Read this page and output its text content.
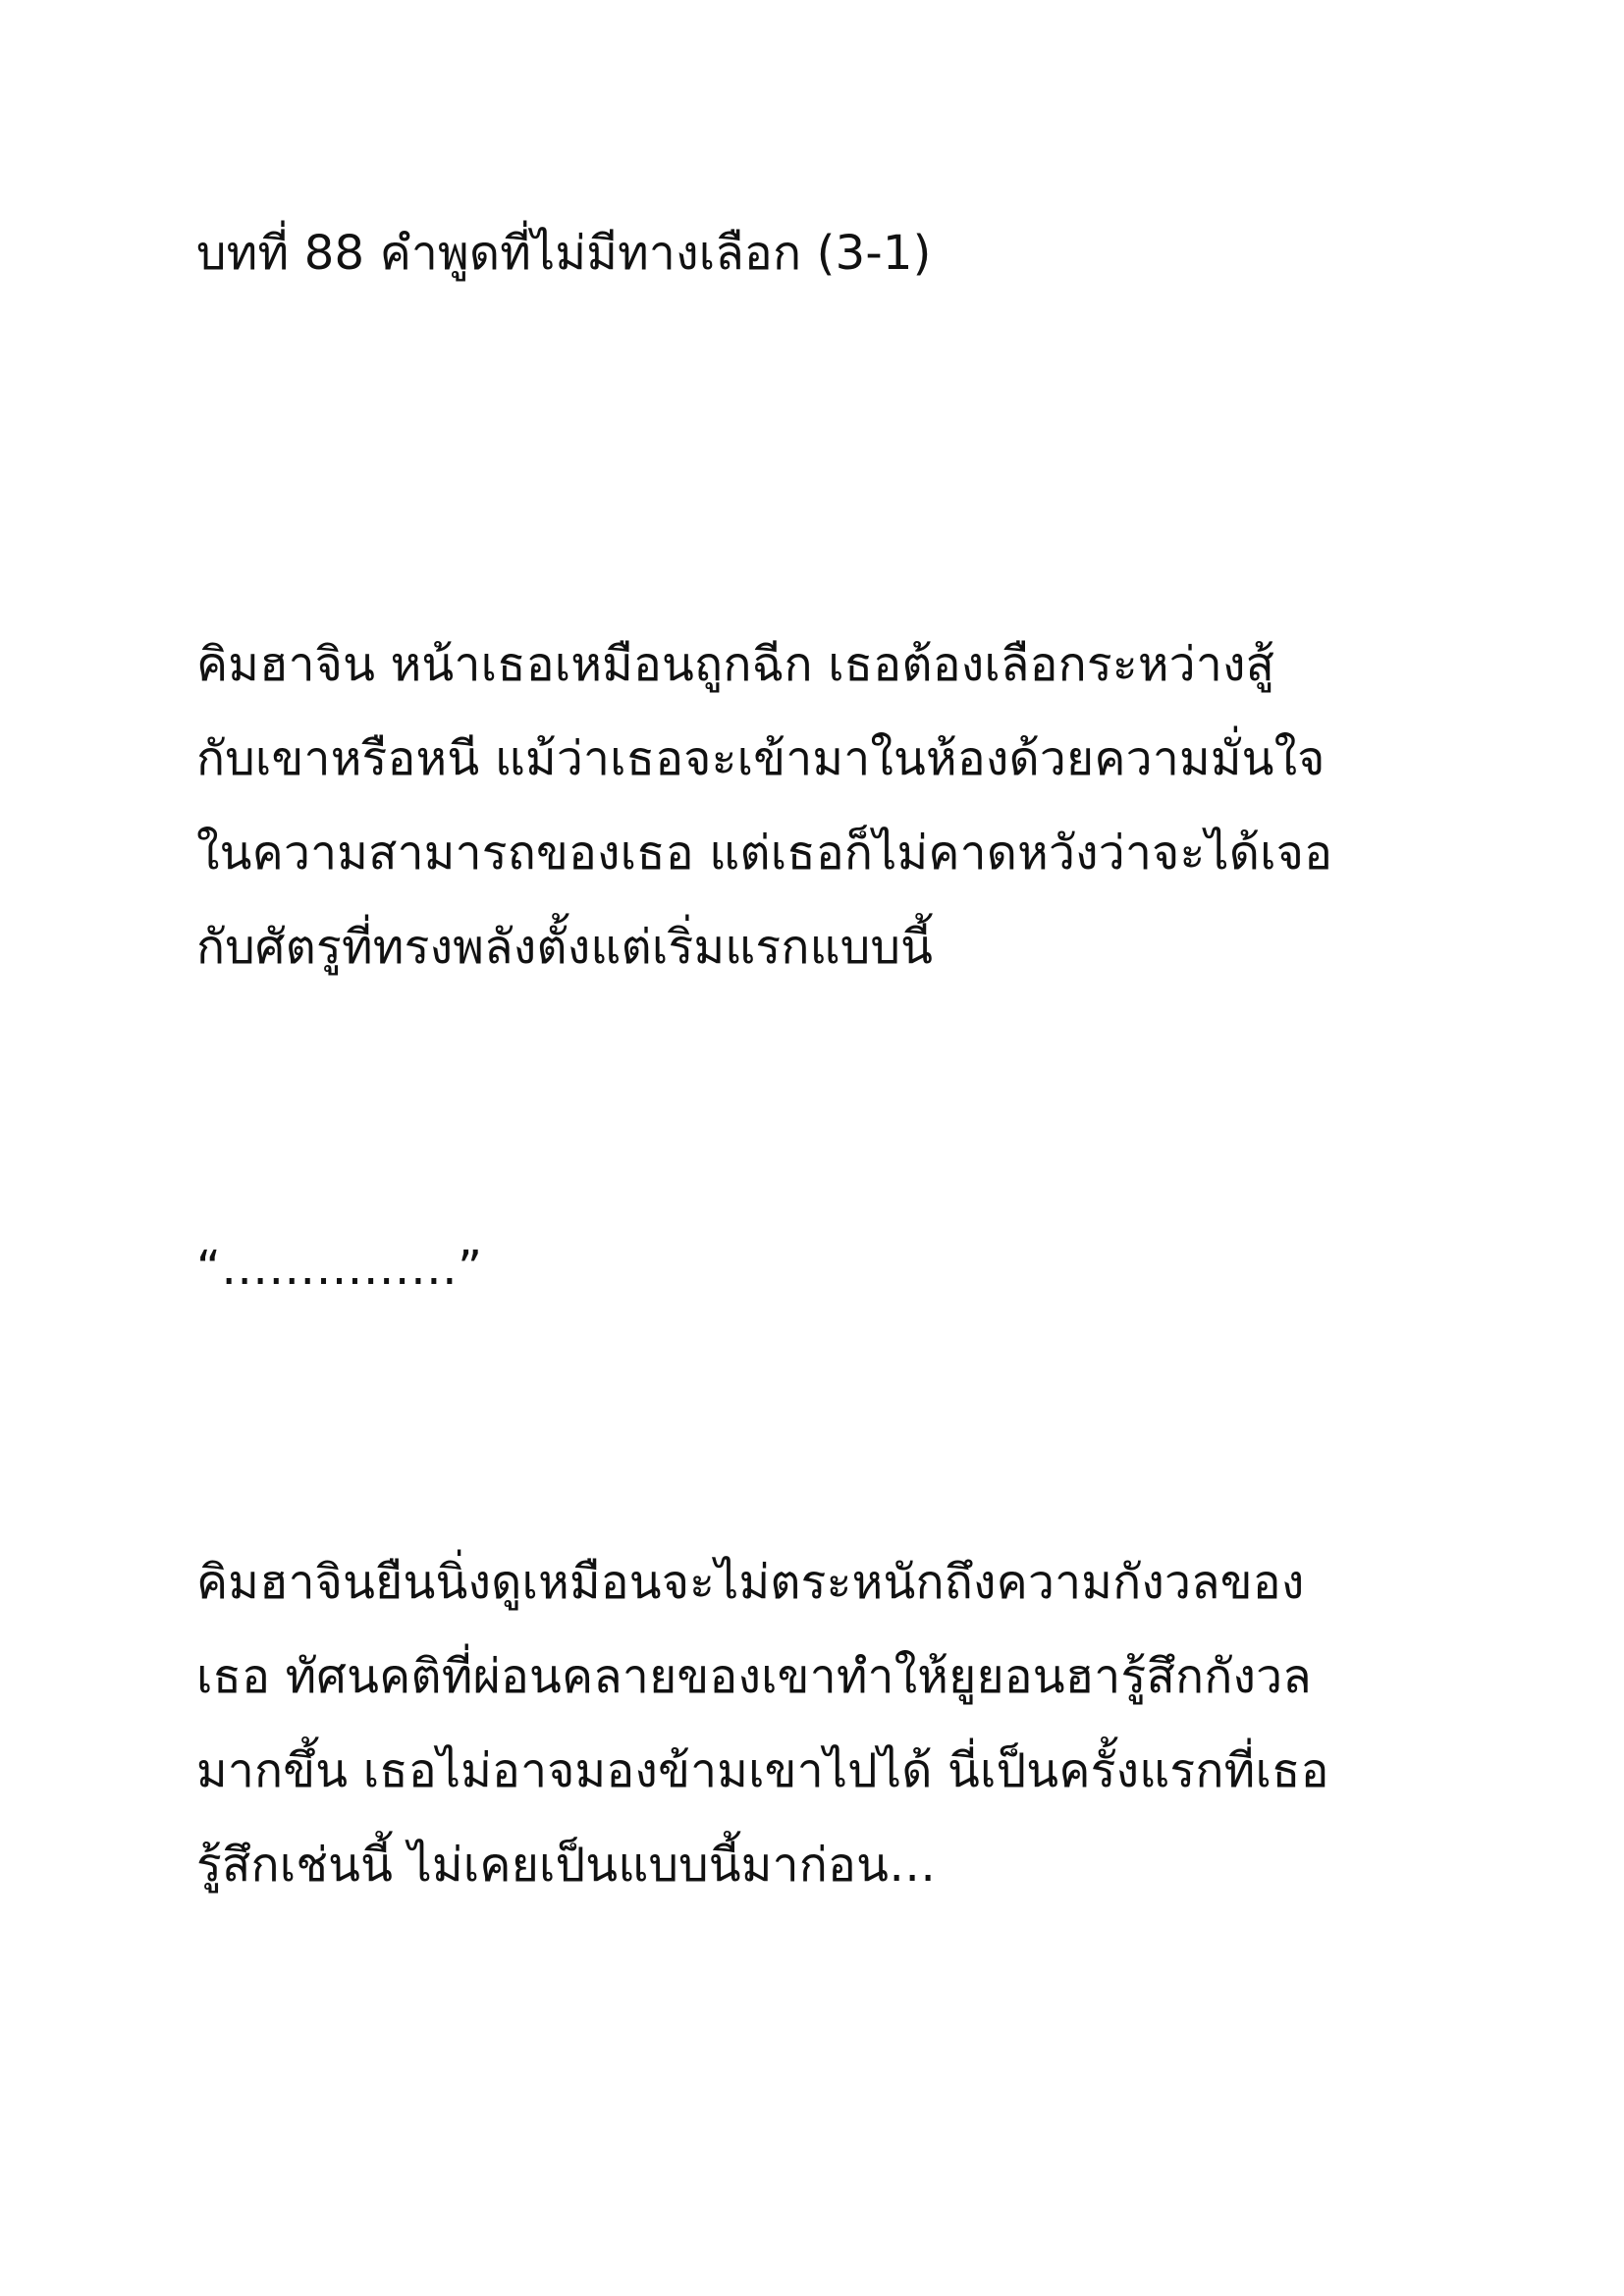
บทที่ 88 คำพูดที่ไม่มีทางเลือก (3-1)
คิมฮาจิน หน้าเธอเหมือนถูกฉีก เธอต้องเลือกระหว่างสู้
กับเขาหรือหนี แม้ว่าเธอจะเข้ามาในห้องด้วยความมั่นใจ
ในความสามารถของเธอ แต่เธอก็ไม่คาดหวังว่าจะได้เจอ
กับศัตรูที่ทรงพลังตั้งแต่เริ่มแรกแบบนี้
“……………”
คิมฮาจินยืนนิ่งดูเหมือนจะไม่ตระหนักถึงความกังวลของ
เธอ ทัศนคติที่ผ่อนคลายของเขาทำให้ยูยอนฮารู้สึกกังวล
มากขึ้น เธอไม่อาจมองข้ามเขาไปได้ นี่เป็นครั้งแรกที่เธอ
รู้สึกเช่นนี้ ไม่เคยเป็นแบบนี้มาก่อน…
